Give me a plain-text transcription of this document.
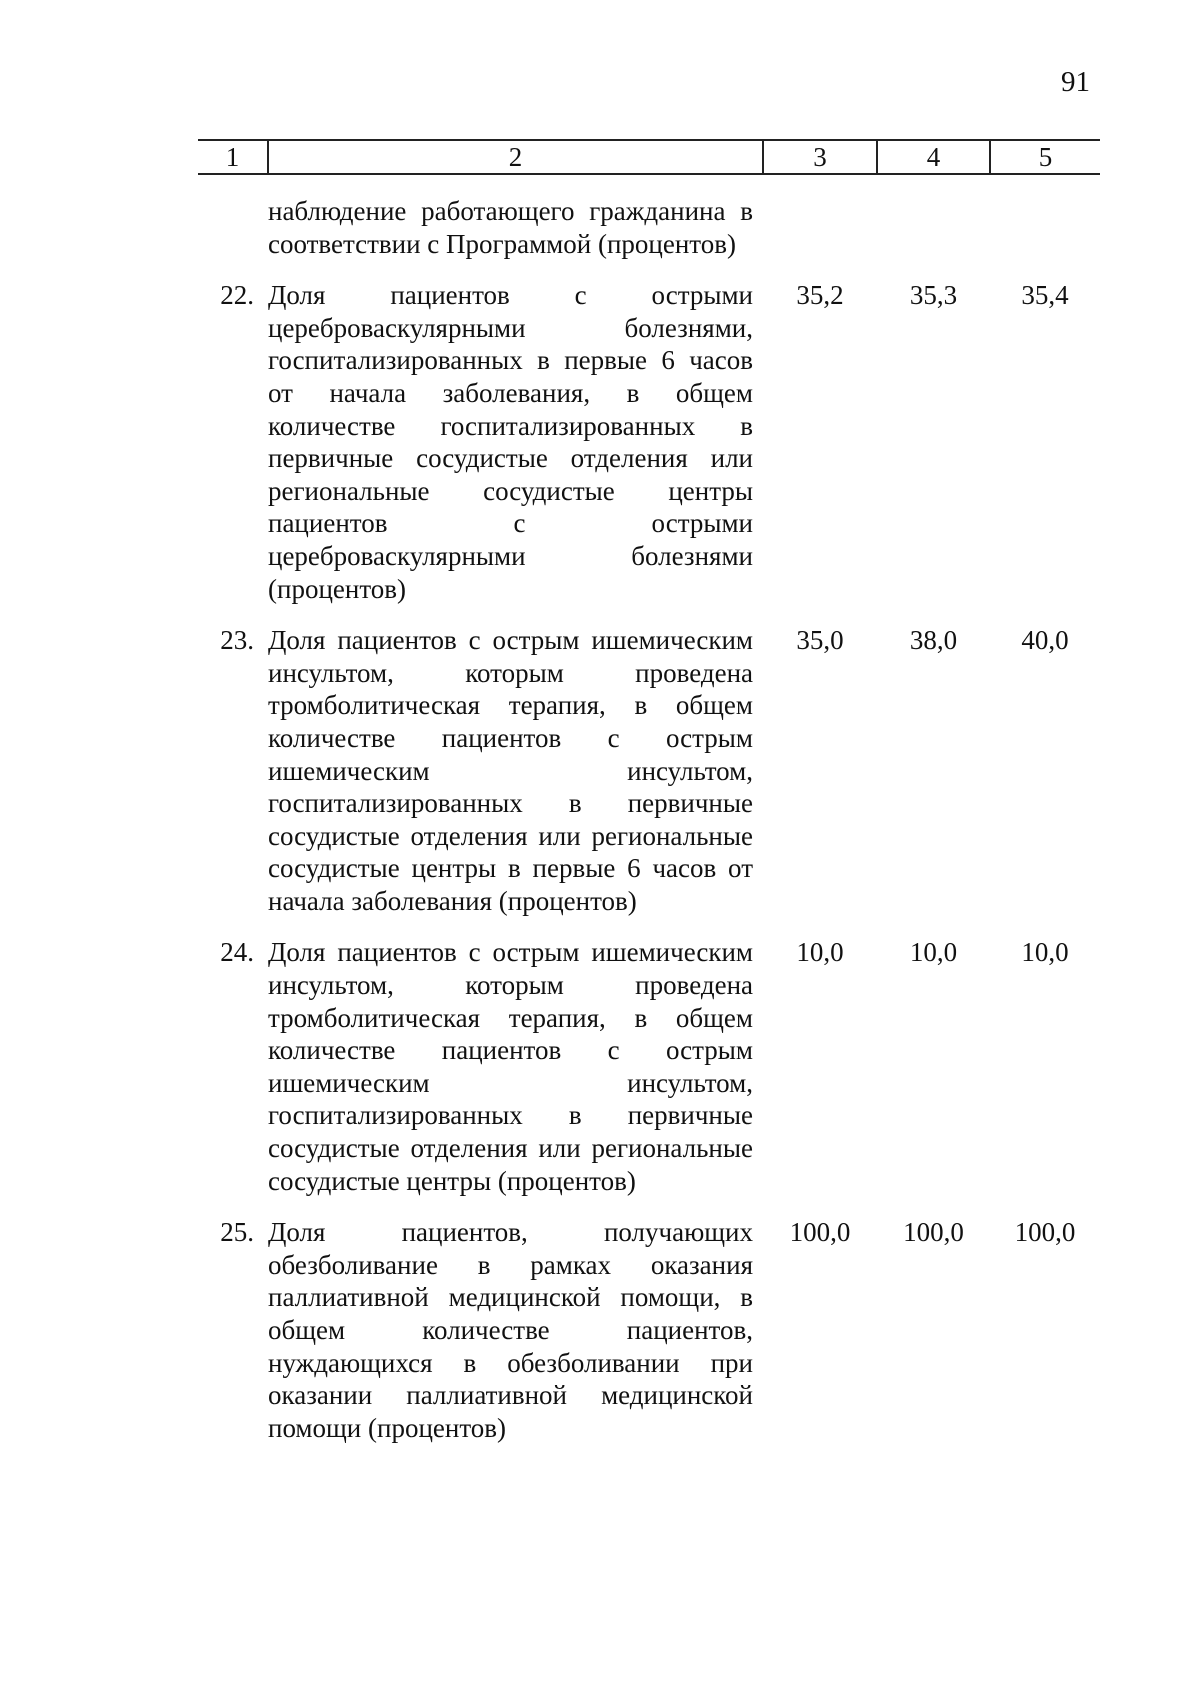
91
1	2	3	4	5
	наблюдение работающего гражданина в соответствии с Программой (процентов)			
22.	Доля пациентов с острыми цереброваскулярными болезнями, госпитализированных в первые 6 часов от начала заболевания, в общем количестве госпитализированных в первичные сосудистые отделения или региональные сосудистые центры пациентов с острыми цереброваскулярными болезнями (процентов)	35,2	35,3	35,4
23.	Доля пациентов с острым ишемическим инсультом, которым проведена тромболитическая терапия, в общем количестве пациентов с острым ишемическим инсультом, госпитализированных в первичные сосудистые отделения или региональные сосудистые центры в первые 6 часов от начала заболевания (процентов)	35,0	38,0	40,0
24.	Доля пациентов с острым ишемическим инсультом, которым проведена тромболитическая терапия, в общем количестве пациентов с острым ишемическим инсультом, госпитализированных в первичные сосудистые отделения или региональные сосудистые центры (процентов)	10,0	10,0	10,0
25.	Доля пациентов, получающих обезболивание в рамках оказания паллиативной медицинской помощи, в общем количестве пациентов, нуждающихся в обезболивании при оказании паллиативной медицинской помощи (процентов)	100,0	100,0	100,0
